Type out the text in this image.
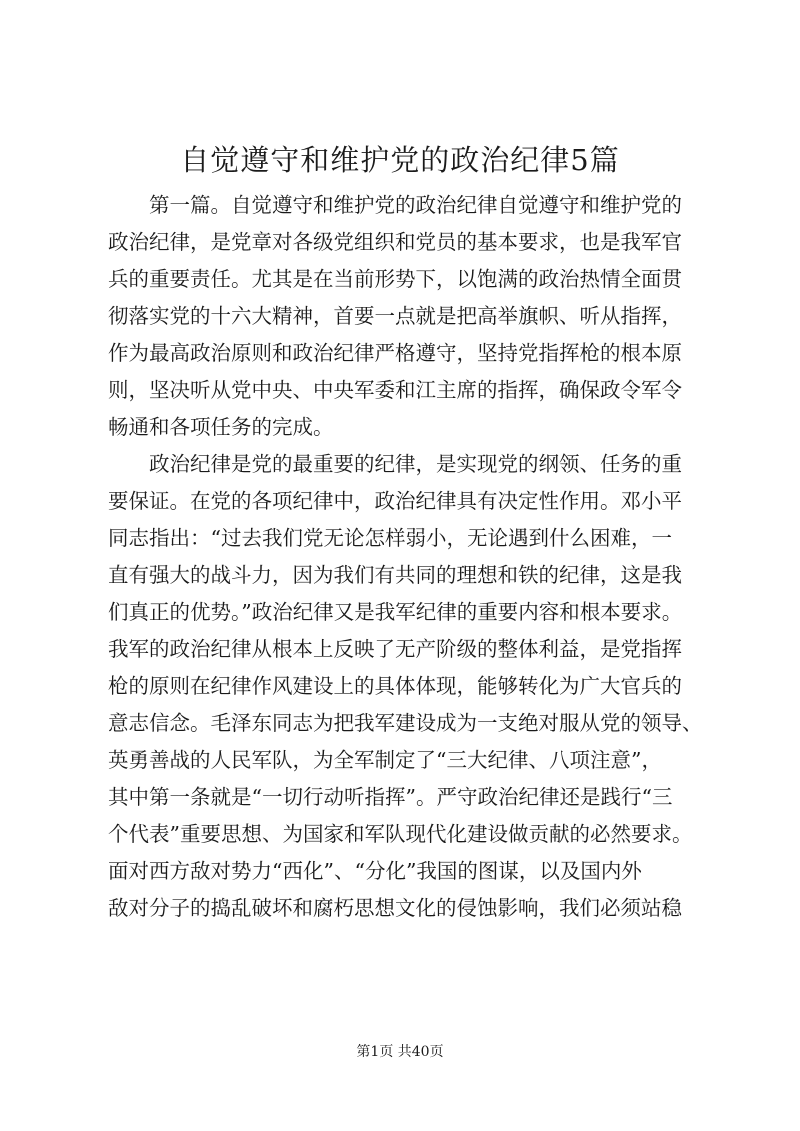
自觉遵守和维护党的政治纪律5篇
第一篇。自觉遵守和维护党的政治纪律自觉遵守和维护党的
政治纪律，是党章对各级党组织和党员的基本要求，也是我军官
兵的重要责任。尤其是在当前形势下，以饱满的政治热情全面贯
彻落实党的十六大精神，首要一点就是把高举旗帜、听从指挥，
作为最高政治原则和政治纪律严格遵守，坚持党指挥枪的根本原
则，坚决听从党中央、中央军委和江主席的指挥，确保政令军令
畅通和各项任务的完成。
政治纪律是党的最重要的纪律，是实现党的纲领、任务的重
要保证。在党的各项纪律中，政治纪律具有决定性作用。邓小平
同志指出：“过去我们党无论怎样弱小，无论遇到什么困难，一
直有强大的战斗力，因为我们有共同的理想和铁的纪律，这是我
们真正的优势。”政治纪律又是我军纪律的重要内容和根本要求。
我军的政治纪律从根本上反映了无产阶级的整体利益，是党指挥
枪的原则在纪律作风建设上的具体体现，能够转化为广大官兵的
意志信念。毛泽东同志为把我军建设成为一支绝对服从党的领导、
英勇善战的人民军队，为全军制定了“三大纪律、八项注意”，
其中第一条就是“一切行动听指挥”。严守政治纪律还是践行“三
个代表”重要思想、为国家和军队现代化建设做贡献的必然要求。
面对西方敌对势力“西化”、“分化”我国的图谋，以及国内外
敌对分子的捣乱破坏和腐朽思想文化的侵蚀影响，我们必须站稳
第1页 共40页
